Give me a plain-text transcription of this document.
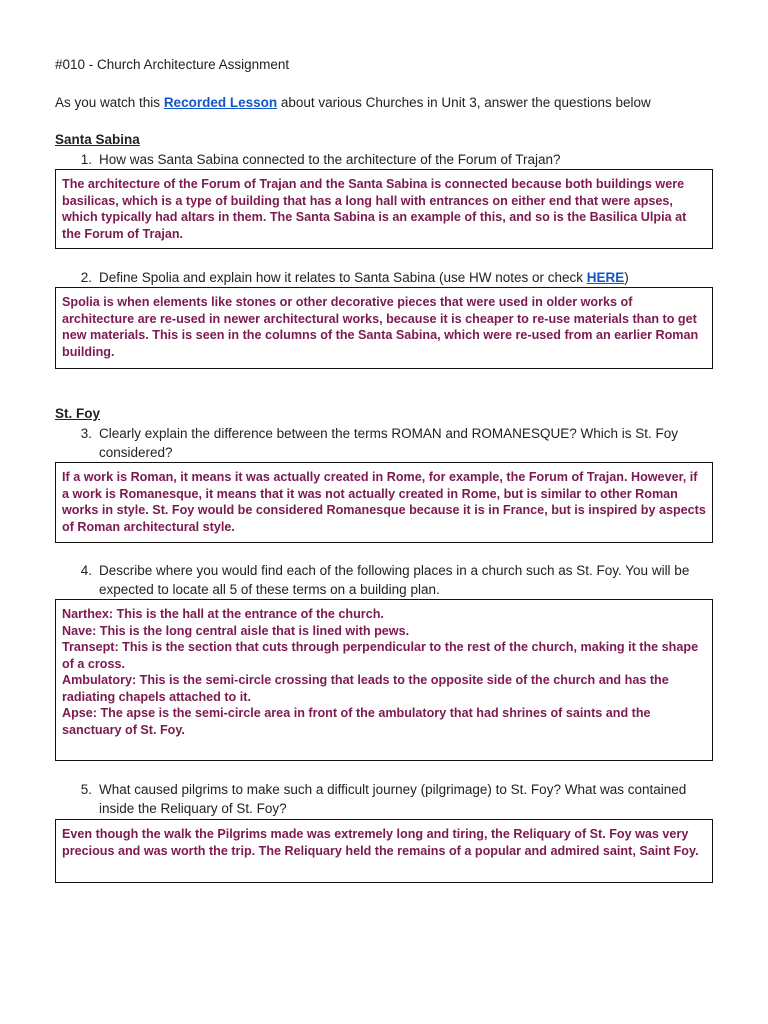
#010 - Church Architecture Assignment
As you watch this Recorded Lesson about various Churches in Unit 3, answer the questions below
Santa Sabina
1. How was Santa Sabina connected to the architecture of the Forum of Trajan?

The architecture of the Forum of Trajan and the Santa Sabina is connected because both buildings were basilicas, which is a type of building that has a long hall with entrances on either end that were apses, which typically had altars in them. The Santa Sabina is an example of this, and so is the Basilica Ulpia at the Forum of Trajan.

2. Define Spolia and explain how it relates to Santa Sabina (use HW notes or check HERE)

Spolia is when elements like stones or other decorative pieces that were used in older works of architecture are re-used in newer architectural works, because it is cheaper to re-use materials than to get new materials. This is seen in the columns of the Santa Sabina, which were re-used from an earlier Roman building.

St. Foy
3. Clearly explain the difference between the terms ROMAN and ROMANESQUE? Which is St. Foy considered?

If a work is Roman, it means it was actually created in Rome, for example, the Forum of Trajan. However, if a work is Romanesque, it means that it was not actually created in Rome, but is similar to other Roman works in style. St. Foy would be considered Romanesque because it is in France, but is inspired by aspects of Roman architectural style.

4. Describe where you would find each of the following places in a church such as St. Foy. You will be expected to locate all 5 of these terms on a building plan.

Narthex: This is the hall at the entrance of the church.

Nave: This is the long central aisle that is lined with pews.

Transept: This is the section that cuts through perpendicular to the rest of the church, making it the shape of a cross.

Ambulatory: This is the semi-circle crossing that leads to the opposite side of the church and has the radiating chapels attached to it.

Apse: The apse is the semi-circle area in front of the ambulatory that had shrines of saints and the sanctuary of St. Foy.

5. What caused pilgrims to make such a difficult journey (pilgrimage) to St. Foy? What was contained inside the Reliquary of St. Foy?

Even though the walk the Pilgrims made was extremely long and tiring, the Reliquary of St. Foy was very precious and was worth the trip. The Reliquary held the remains of a popular and admired saint, Saint Foy.
